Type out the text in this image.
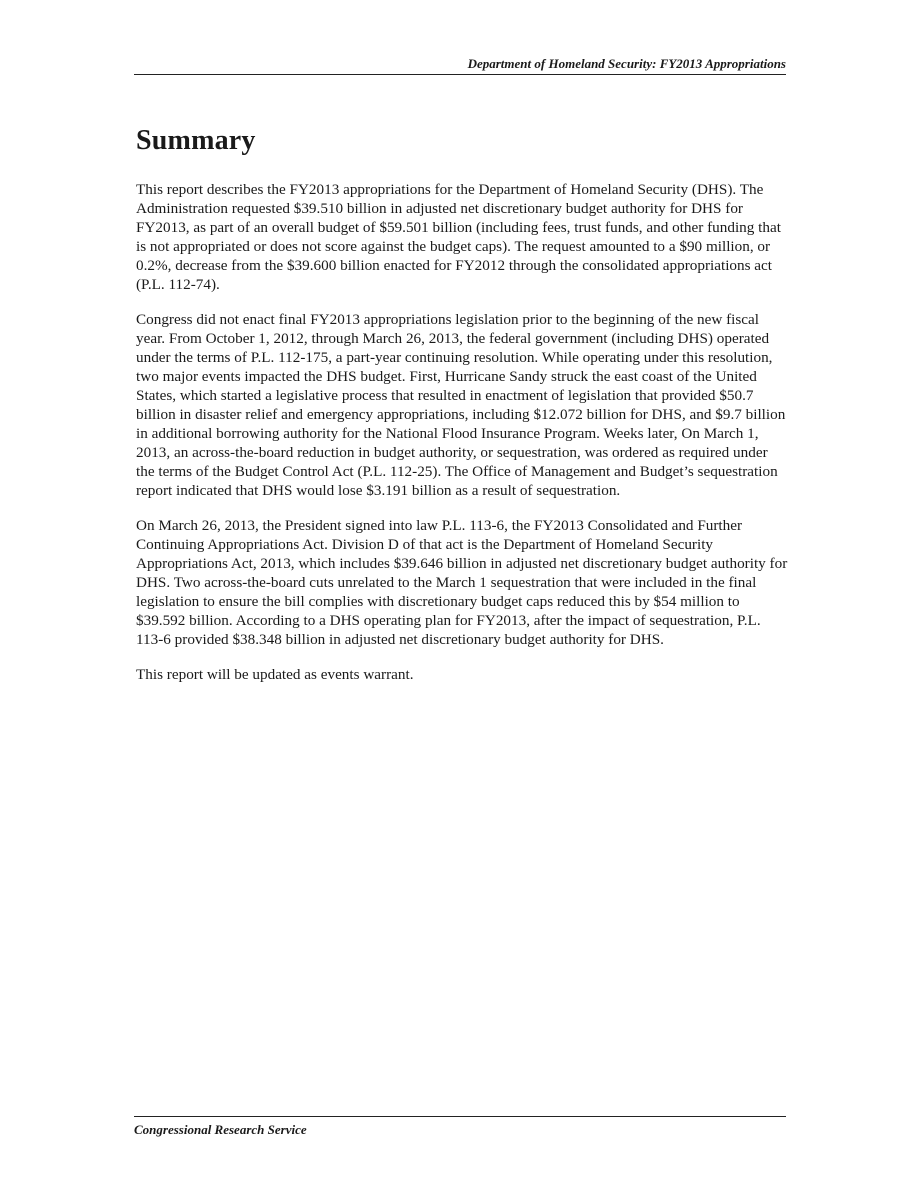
Department of Homeland Security: FY2013 Appropriations
Summary

This report describes the FY2013 appropriations for the Department of Homeland Security (DHS). The Administration requested $39.510 billion in adjusted net discretionary budget authority for DHS for FY2013, as part of an overall budget of $59.501 billion (including fees, trust funds, and other funding that is not appropriated or does not score against the budget caps). The request amounted to a $90 million, or 0.2%, decrease from the $39.600 billion enacted for FY2012 through the consolidated appropriations act (P.L. 112-74).

Congress did not enact final FY2013 appropriations legislation prior to the beginning of the new fiscal year. From October 1, 2012, through March 26, 2013, the federal government (including DHS) operated under the terms of P.L. 112-175, a part-year continuing resolution. While operating under this resolution, two major events impacted the DHS budget. First, Hurricane Sandy struck the east coast of the United States, which started a legislative process that resulted in enactment of legislation that provided $50.7 billion in disaster relief and emergency appropriations, including $12.072 billion for DHS, and $9.7 billion in additional borrowing authority for the National Flood Insurance Program. Weeks later, On March 1, 2013, an across-the-board reduction in budget authority, or sequestration, was ordered as required under the terms of the Budget Control Act (P.L. 112-25). The Office of Management and Budget’s sequestration report indicated that DHS would lose $3.191 billion as a result of sequestration.

On March 26, 2013, the President signed into law P.L. 113-6, the FY2013 Consolidated and Further Continuing Appropriations Act. Division D of that act is the Department of Homeland Security Appropriations Act, 2013, which includes $39.646 billion in adjusted net discretionary budget authority for DHS. Two across-the-board cuts unrelated to the March 1 sequestration that were included in the final legislation to ensure the bill complies with discretionary budget caps reduced this by $54 million to $39.592 billion. According to a DHS operating plan for FY2013, after the impact of sequestration, P.L. 113-6 provided $38.348 billion in adjusted net discretionary budget authority for DHS.

This report will be updated as events warrant.

Congressional Research Service
